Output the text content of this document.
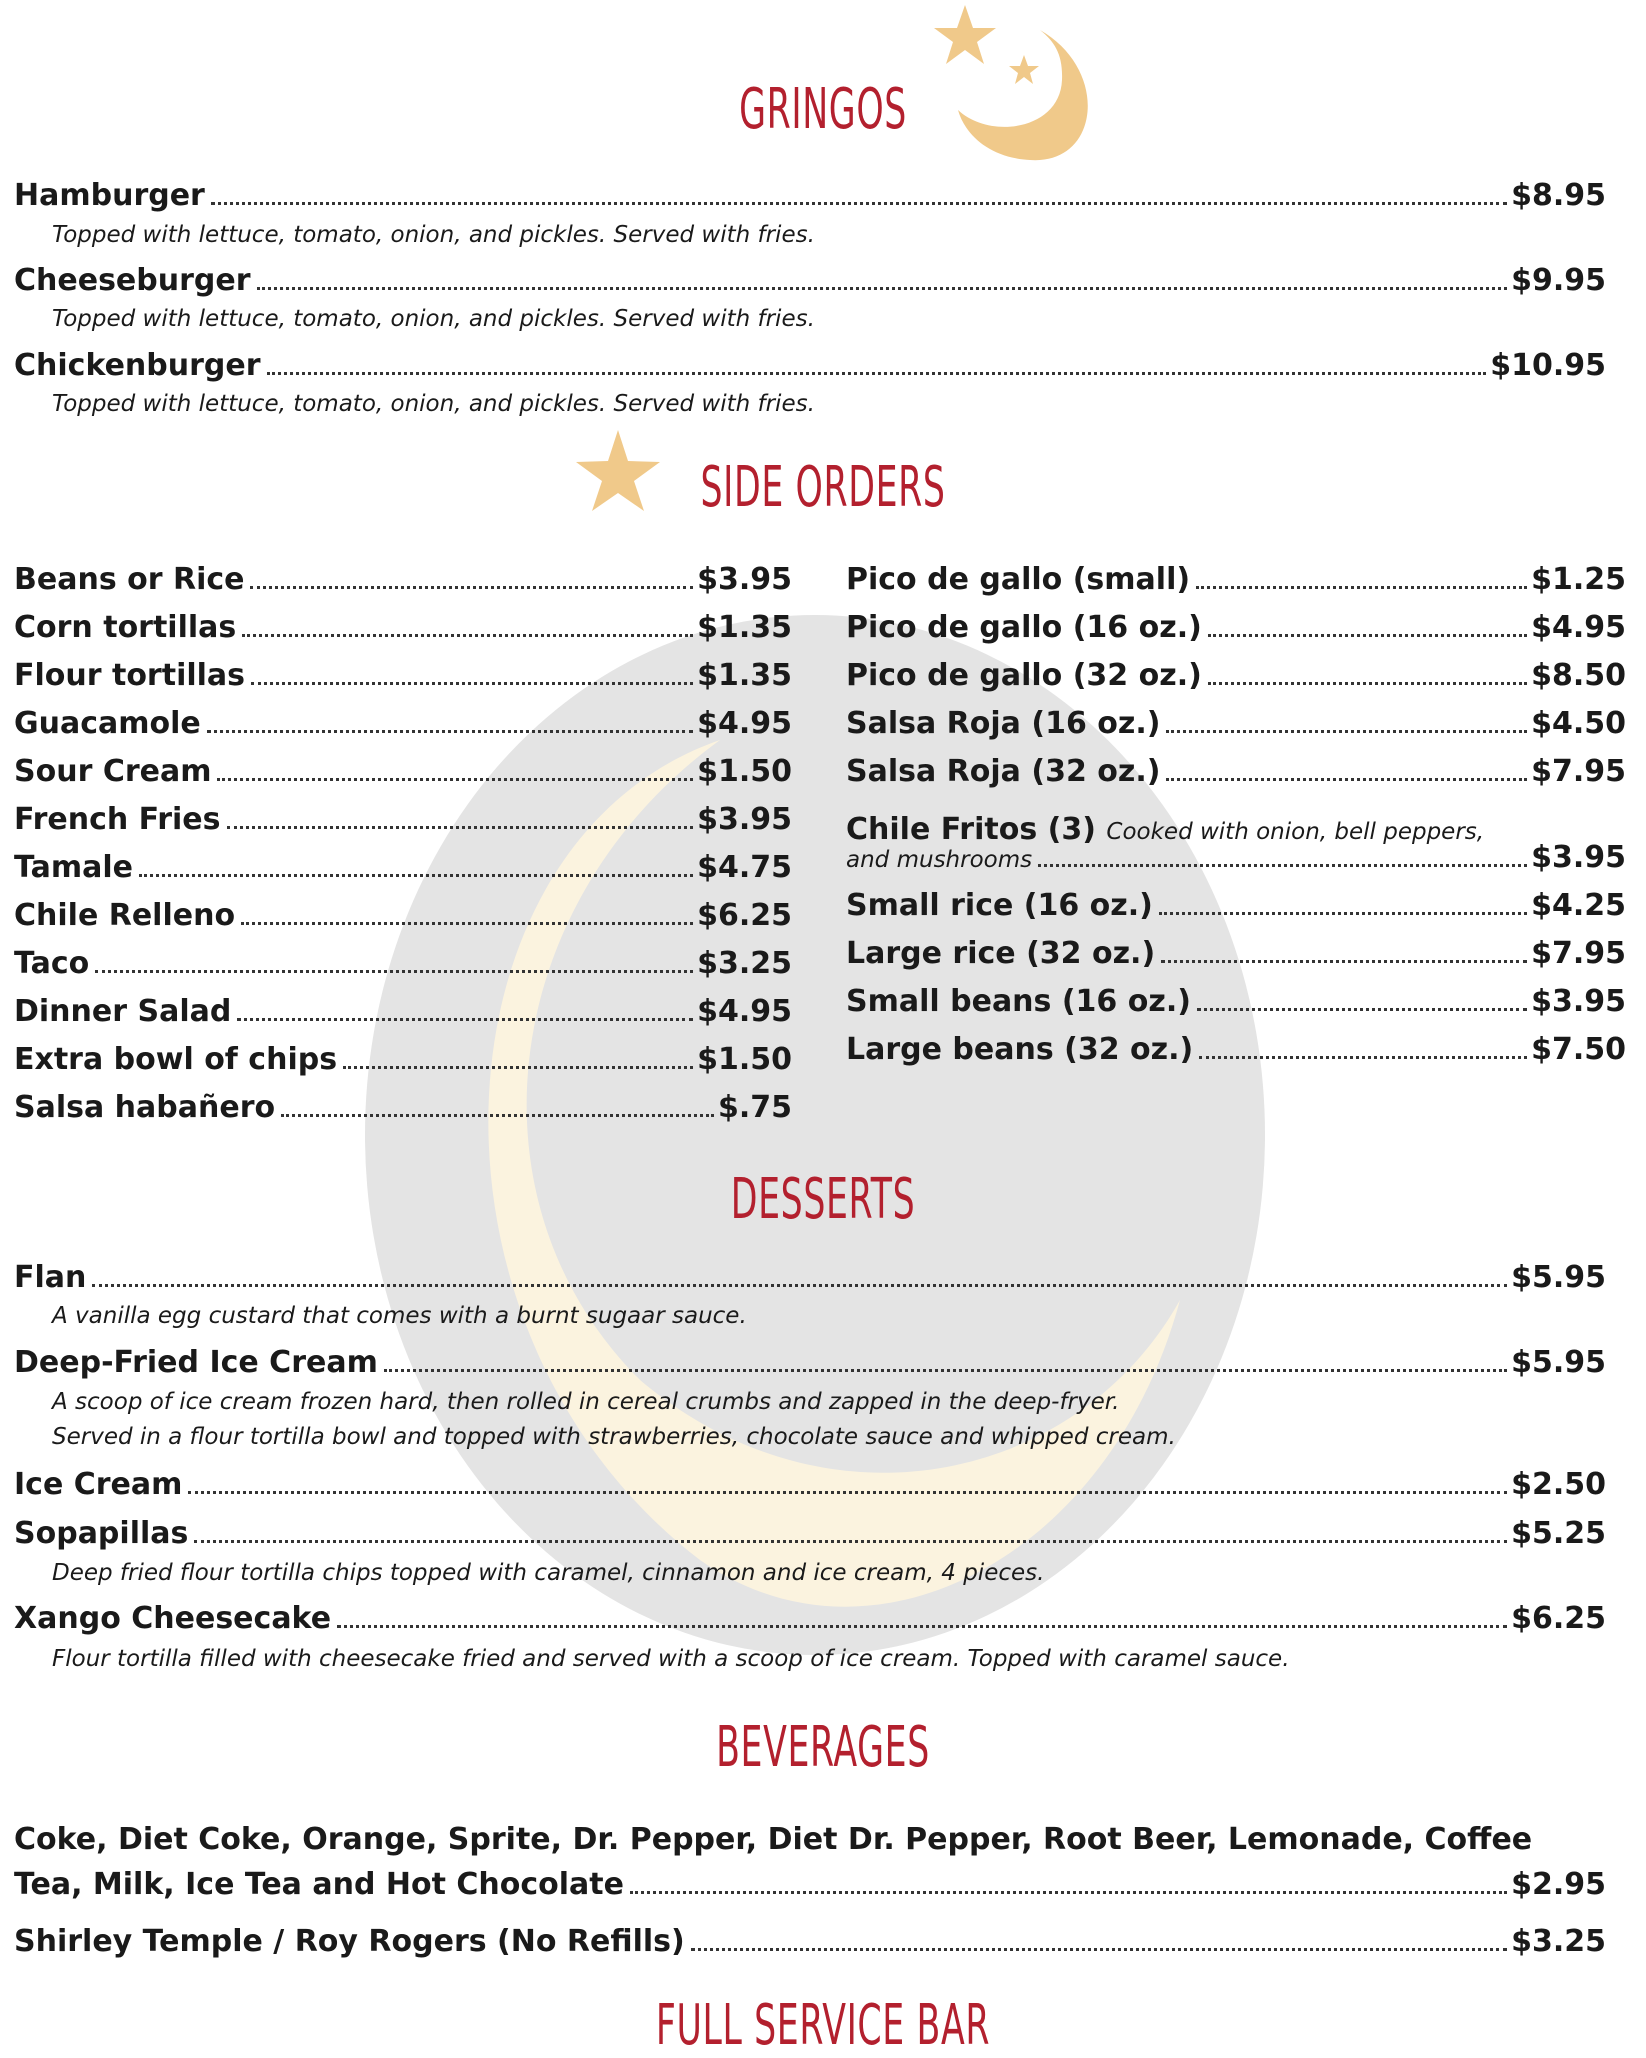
GRINGOS
Hamburger	$8.95
Topped with lettuce, tomato, onion, and pickles. Served with fries.
Cheeseburger	$9.95
Topped with lettuce, tomato, onion, and pickles. Served with fries.
Chickenburger	$10.95
Topped with lettuce, tomato, onion, and pickles. Served with fries.
SIDE ORDERS
Beans or Rice	$3.95
Corn tortillas	$1.35
Flour tortillas	$1.35
Guacamole	$4.95
Sour Cream	$1.50
French Fries	$3.95
Tamale	$4.75
Chile Relleno	$6.25
Taco	$3.25
Dinner Salad	$4.95
Extra bowl of chips	$1.50
Salsa habañero	$.75
Pico de gallo (small)	$1.25
Pico de gallo (16 oz.)	$4.95
Pico de gallo (32 oz.)	$8.50
Salsa Roja (16 oz.)	$4.50
Salsa Roja (32 oz.)	$7.95
Chile Fritos (3) Cooked with onion, bell peppers,
and mushrooms	$3.95
Small rice (16 oz.)	$4.25
Large rice (32 oz.)	$7.95
Small beans (16 oz.)	$3.95
Large beans (32 oz.)	$7.50
DESSERTS
Flan	$5.95
A vanilla egg custard that comes with a burnt sugaar sauce.
Deep-Fried Ice Cream	$5.95
A scoop of ice cream frozen hard, then rolled in cereal crumbs and zapped in the deep-fryer.
Served in a flour tortilla bowl and topped with strawberries, chocolate sauce and whipped cream.
Ice Cream	$2.50
Sopapillas	$5.25
Deep fried flour tortilla chips topped with caramel, cinnamon and ice cream, 4 pieces.
Xango Cheesecake	$6.25
Flour tortilla filled with cheesecake fried and served with a scoop of ice cream. Topped with caramel sauce.
BEVERAGES
Coke, Diet Coke, Orange, Sprite, Dr. Pepper, Diet Dr. Pepper, Root Beer, Lemonade, Coffee
Tea, Milk, Ice Tea and Hot Chocolate	$2.95
Shirley Temple / Roy Rogers (No Refills)	$3.25
FULL SERVICE BAR
